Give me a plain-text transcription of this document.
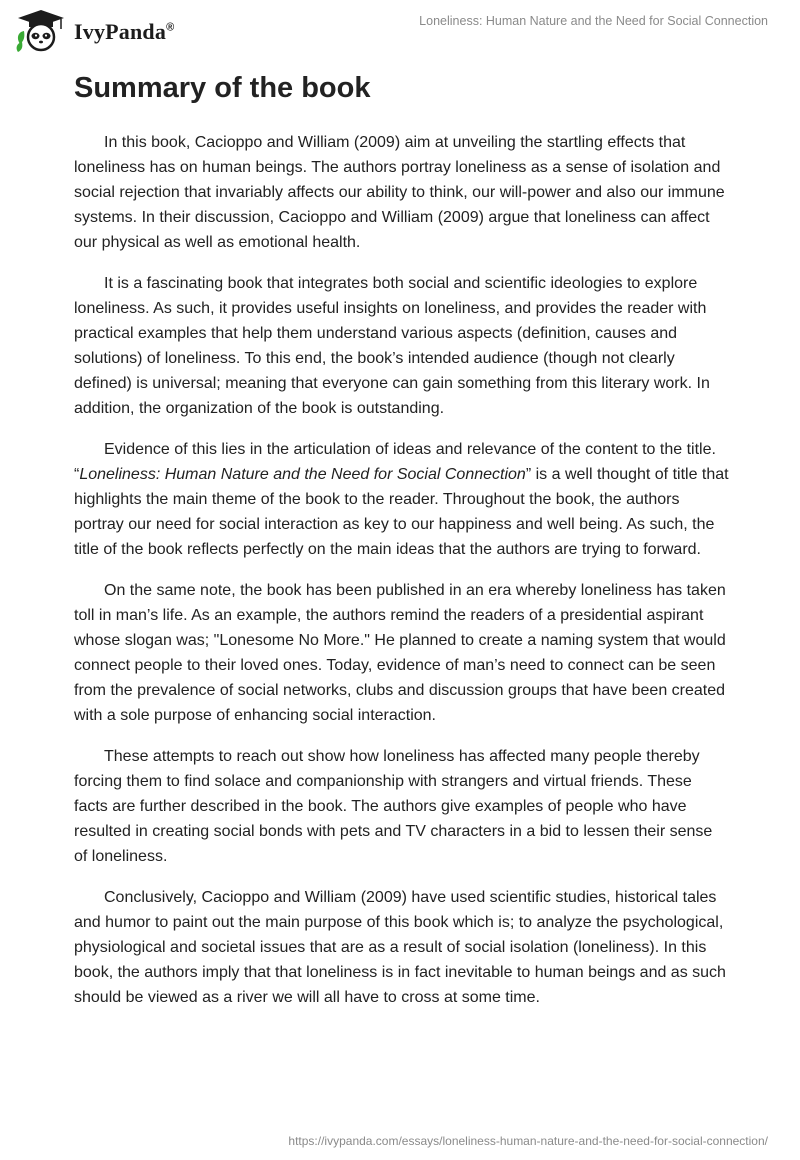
IvyPanda®	Loneliness: Human Nature and the Need for Social Connection
Summary of the book

In this book, Cacioppo and William (2009) aim at unveiling the startling effects that loneliness has on human beings. The authors portray loneliness as a sense of isolation and social rejection that invariably affects our ability to think, our will-power and also our immune systems. In their discussion, Cacioppo and William (2009) argue that loneliness can affect our physical as well as emotional health.

It is a fascinating book that integrates both social and scientific ideologies to explore loneliness. As such, it provides useful insights on loneliness, and provides the reader with practical examples that help them understand various aspects (definition, causes and solutions) of loneliness. To this end, the book’s intended audience (though not clearly defined) is universal; meaning that everyone can gain something from this literary work. In addition, the organization of the book is outstanding.

Evidence of this lies in the articulation of ideas and relevance of the content to the title. “Loneliness: Human Nature and the Need for Social Connection” is a well thought of title that highlights the main theme of the book to the reader. Throughout the book, the authors portray our need for social interaction as key to our happiness and well being. As such, the title of the book reflects perfectly on the main ideas that the authors are trying to forward.

On the same note, the book has been published in an era whereby loneliness has taken toll in man’s life. As an example, the authors remind the readers of a presidential aspirant whose slogan was; "Lonesome No More." He planned to create a naming system that would connect people to their loved ones. Today, evidence of man’s need to connect can be seen from the prevalence of social networks, clubs and discussion groups that have been created with a sole purpose of enhancing social interaction.

These attempts to reach out show how loneliness has affected many people thereby forcing them to find solace and companionship with strangers and virtual friends. These facts are further described in the book. The authors give examples of people who have resulted in creating social bonds with pets and TV characters in a bid to lessen their sense of loneliness.

Conclusively, Cacioppo and William (2009) have used scientific studies, historical tales and humor to paint out the main purpose of this book which is; to analyze the psychological, physiological and societal issues that are as a result of social isolation (loneliness). In this book, the authors imply that that loneliness is in fact inevitable to human beings and as such should be viewed as a river we will all have to cross at some time.

https://ivypanda.com/essays/loneliness-human-nature-and-the-need-for-social-connection/
